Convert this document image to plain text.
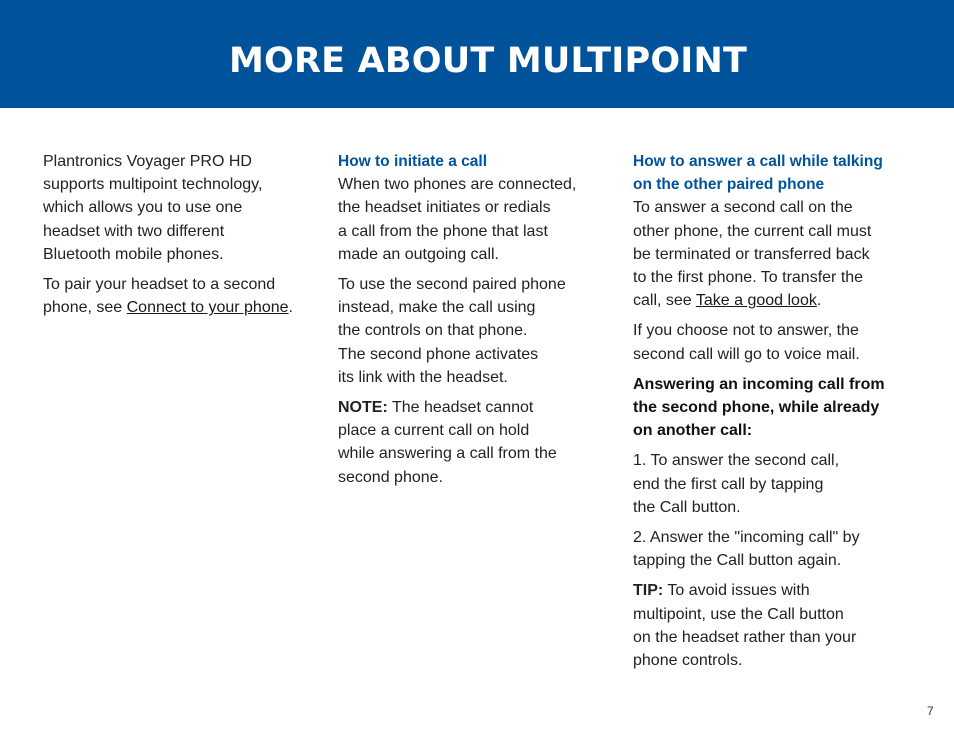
MORE ABOUT MULTIPOINT

Plantronics Voyager PRO HD
supports multipoint technology,
which allows you to use one
headset with two different
Bluetooth mobile phones.

To pair your headset to a second
phone, see Connect to your phone.

How to initiate a call
When two phones are connected,
the headset initiates or redials
a call from the phone that last
made an outgoing call.

To use the second paired phone
instead, make the call using
the controls on that phone.
The second phone activates
its link with the headset.

NOTE: The headset cannot
place a current call on hold
while answering a call from the
second phone.

How to answer a call while talking
on the other paired phone
To answer a second call on the
other phone, the current call must
be terminated or transferred back
to the first phone. To transfer the
call, see Take a good look.

If you choose not to answer, the
second call will go to voice mail.

Answering an incoming call from
the second phone, while already
on another call:

1. To answer the second call,
end the first call by tapping
the Call button.

2. Answer the "incoming call" by
tapping the Call button again.

TIP: To avoid issues with
multipoint, use the Call button
on the headset rather than your
phone controls.

7
